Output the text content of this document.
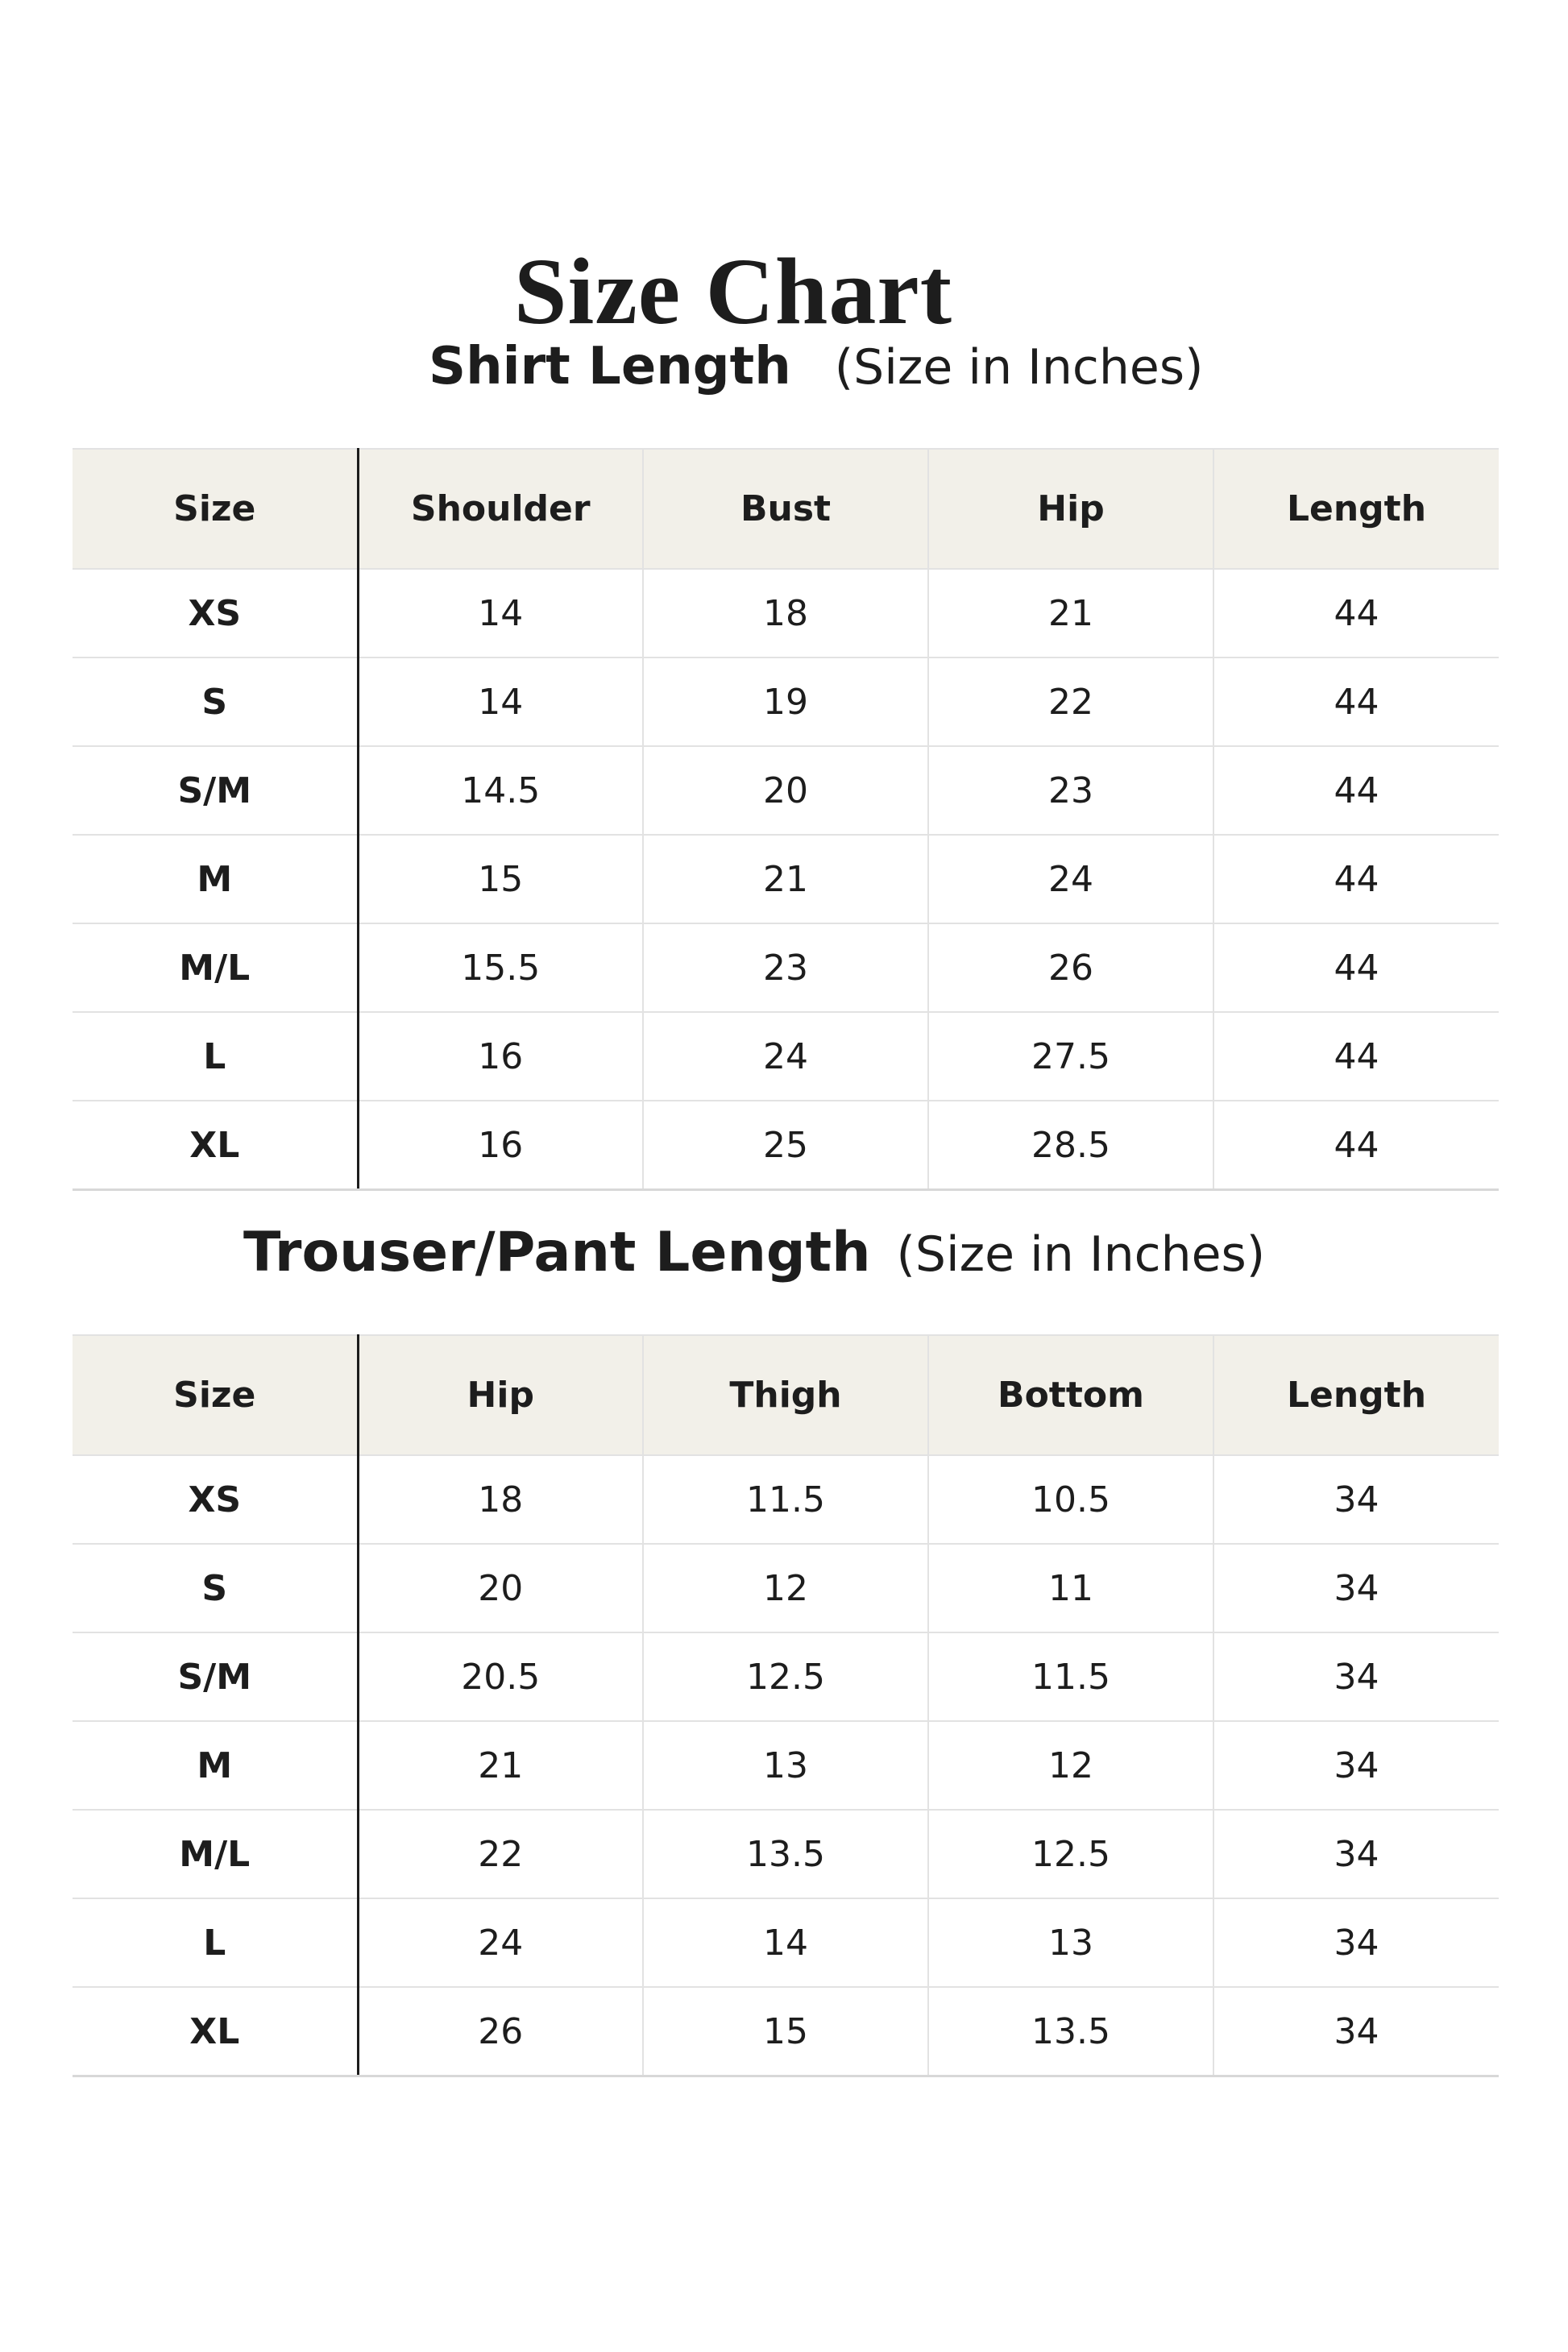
Size Chart
Shirt Length (Size in Inches)
Size	Shoulder	Bust	Hip	Length
XS	14	18	21	44
S	14	19	22	44
S/M	14.5	20	23	44
M	15	21	24	44
M/L	15.5	23	26	44
L	16	24	27.5	44
XL	16	25	28.5	44
Trouser/Pant Length (Size in Inches)
Size	Hip	Thigh	Bottom	Length
XS	18	11.5	10.5	34
S	20	12	11	34
S/M	20.5	12.5	11.5	34
M	21	13	12	34
M/L	22	13.5	12.5	34
L	24	14	13	34
XL	26	15	13.5	34
